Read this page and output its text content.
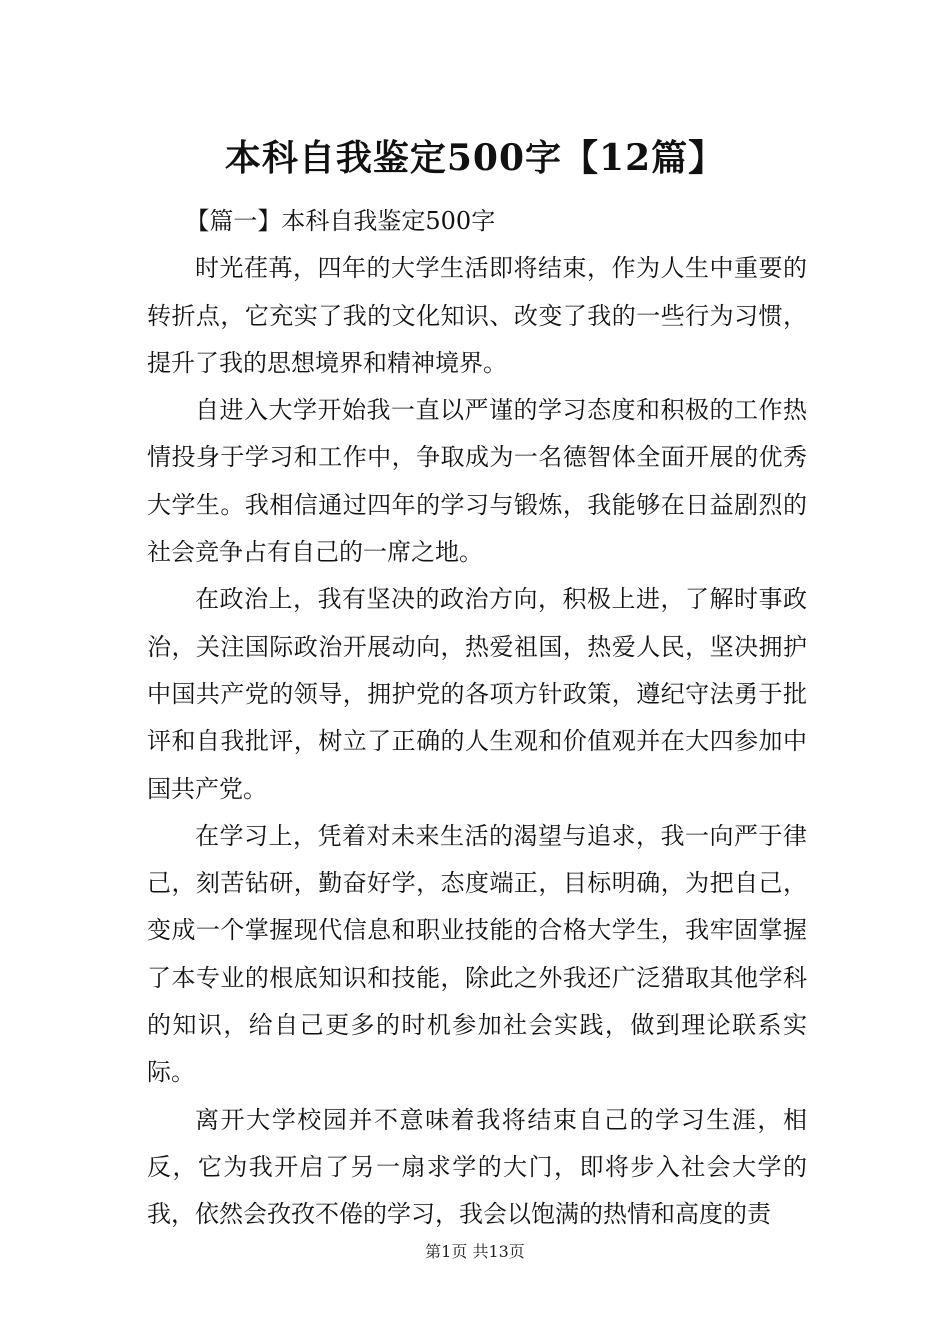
本科自我鉴定500字【12篇】

【篇一】本科自我鉴定500字

时光荏苒，四年的大学生活即将结束，作为人生中重要的转折点，它充实了我的文化知识、改变了我的一些行为习惯，提升了我的思想境界和精神境界。

自进入大学开始我一直以严谨的学习态度和积极的工作热情投身于学习和工作中，争取成为一名德智体全面开展的优秀大学生。我相信通过四年的学习与锻炼，我能够在日益剧烈的社会竞争占有自己的一席之地。

在政治上，我有坚决的政治方向，积极上进，了解时事政治，关注国际政治开展动向，热爱祖国，热爱人民，坚决拥护中国共产党的领导，拥护党的各项方针政策，遵纪守法勇于批评和自我批评，树立了正确的人生观和价值观并在大四参加中国共产党。

在学习上，凭着对未来生活的渴望与追求，我一向严于律己，刻苦钻研，勤奋好学，态度端正，目标明确，为把自己，变成一个掌握现代信息和职业技能的合格大学生，我牢固掌握了本专业的根底知识和技能，除此之外我还广泛猎取其他学科的知识，给自己更多的时机参加社会实践，做到理论联系实际。

离开大学校园并不意味着我将结束自己的学习生涯，相反，它为我开启了另一扇求学的大门，即将步入社会大学的我，依然会孜孜不倦的学习，我会以饱满的热情和高度的责

第1页 共13页
